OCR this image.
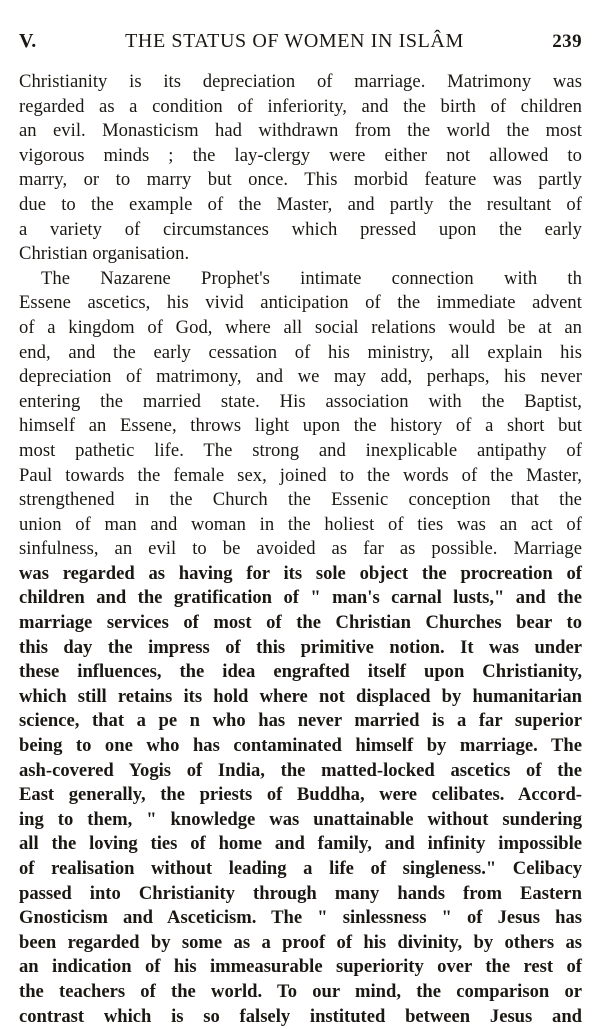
V.	THE STATUS OF WOMEN IN ISLÂM	239
Christianity is its depreciation of marriage. Matrimony was
regarded as a condition of inferiority, and the birth of children
an evil. Monasticism had withdrawn from the world the most
vigorous minds ; the lay-clergy were either not allowed to
marry, or to marry but once. This morbid feature was partly
due to the example of the Master, and partly the resultant of
a variety of circumstances which pressed upon the early
Christian organisation.
The Nazarene Prophet's intimate connection with th
Essene ascetics, his vivid anticipation of the immediate advent
of a kingdom of God, where all social relations would be at an
end, and the early cessation of his ministry, all explain his
depreciation of matrimony, and we may add, perhaps, his never
entering the married state. His association with the Baptist,
himself an Essene, throws light upon the history of a short but
most pathetic life. The strong and inexplicable antipathy of
Paul towards the female sex, joined to the words of the Master,
strengthened in the Church the Essenic conception that the
union of man and woman in the holiest of ties was an act of
sinfulness, an evil to be avoided as far as possible. Marriage
was regarded as having for its sole object the procreation of
children and the gratification of " man's carnal lusts," and the
marriage services of most of the Christian Churches bear to
this day the impress of this primitive notion. It was under
these influences, the idea engrafted itself upon Christianity,
which still retains its hold where not displaced by humanitarian
science, that a pe n who has never married is a far superior
being to one who has contaminated himself by marriage. The
ash-covered Yogis of India, the matted-locked ascetics of the
East generally, the priests of Buddha, were celibates. Accord-
ing to them, " knowledge was unattainable without sundering
all the loving ties of home and family, and infinity impossible
of realisation without leading a life of singleness." Celibacy
passed into Christianity through many hands from Eastern
Gnosticism and Asceticism. The " sinlessness " of Jesus has
been regarded by some as a proof of his divinity, by others as
an indication of his immeasurable superiority over the rest of
the teachers of the world. To our mind, the comparison or
contrast which is so falsely instituted between Jesus and
